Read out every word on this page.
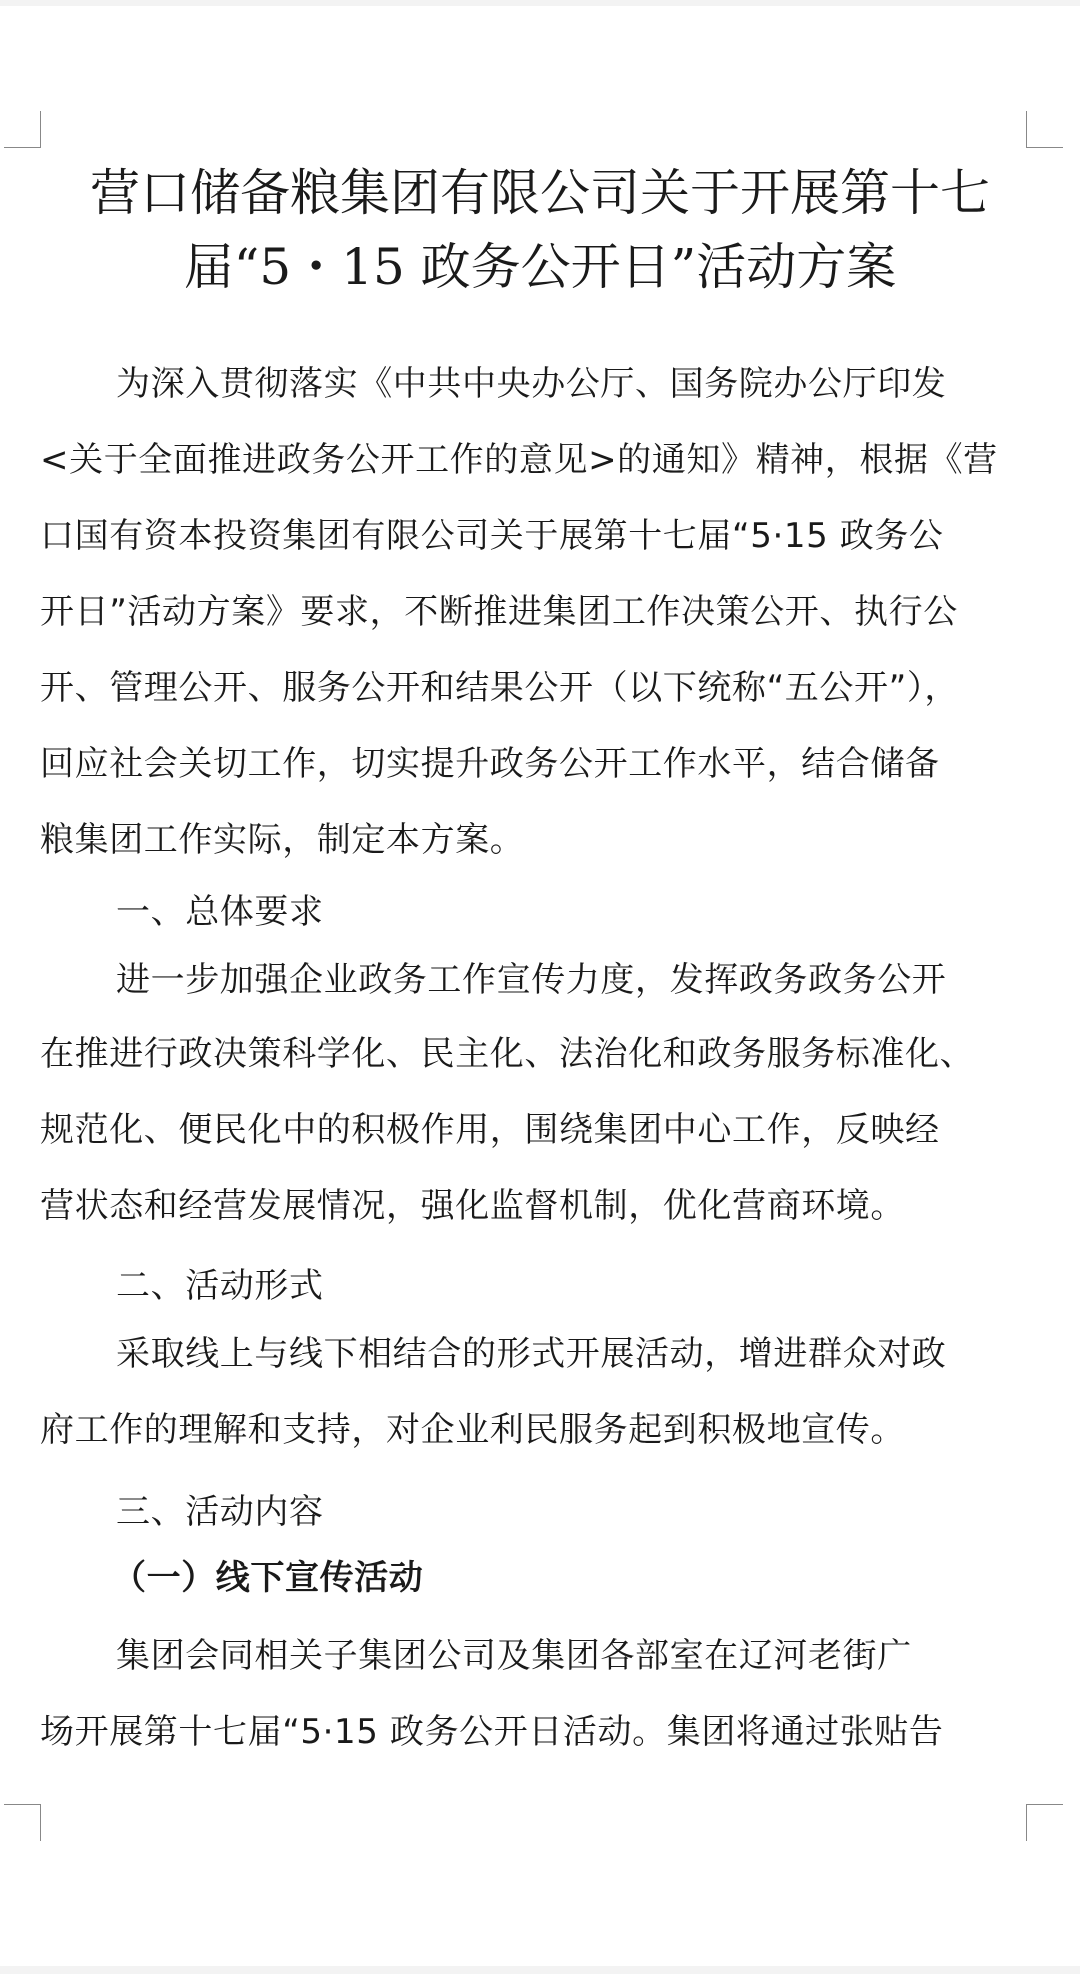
营口储备粮集团有限公司关于开展第十七
届“5・15 政务公开日”活动方案
为深入贯彻落实《中共中央办公厅、国务院办公厅印发
<关于全面推进政务公开工作的意见>的通知》精神，根据《营
口国有资本投资集团有限公司关于展第十七届“5·15 政务公
开日”活动方案》要求，不断推进集团工作决策公开、执行公
开、管理公开、服务公开和结果公开（以下统称“五公开”），
回应社会关切工作，切实提升政务公开工作水平，结合储备
粮集团工作实际，制定本方案。
一、总体要求
进一步加强企业政务工作宣传力度，发挥政务政务公开
在推进行政决策科学化、民主化、法治化和政务服务标准化、
规范化、便民化中的积极作用，围绕集团中心工作，反映经
营状态和经营发展情况，强化监督机制，优化营商环境。
二、活动形式
采取线上与线下相结合的形式开展活动，增进群众对政
府工作的理解和支持，对企业利民服务起到积极地宣传。
三、活动内容
（一）线下宣传活动
集团会同相关子集团公司及集团各部室在辽河老街广
场开展第十七届“5·15 政务公开日活动。集团将通过张贴告
